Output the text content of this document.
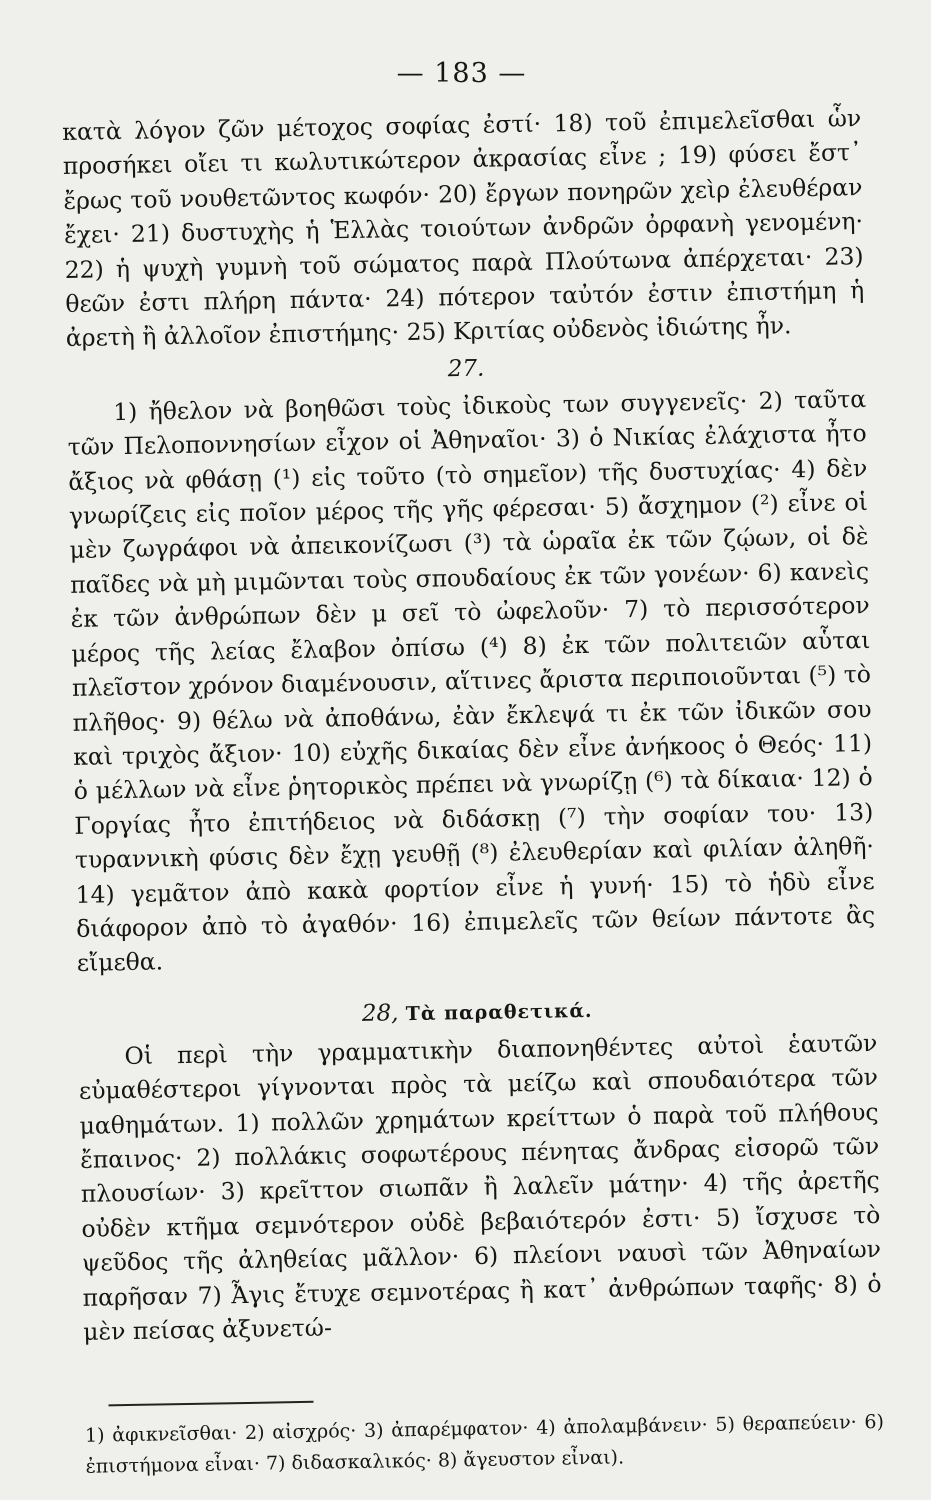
— 183 —

κατὰ λόγον ζῶν μέτοχος σοφίας ἐστί· 18) τοῦ ἐπιμελεῖσθαι ὧν προσήκει οἴει τι κωλυτικώτερον ἀκρασίας εἶνε ; 19) φύσει ἔστ᾽ ἔρως τοῦ νουθετῶντος κωφόν· 20) ἔργων πονηρῶν χεὶρ ἐλευθέραν ἔχει· 21) δυστυχὴς ἡ Ἑλλὰς τοιούτων ἀνδρῶν ὀρφανὴ γενομένη· 22) ἡ ψυχὴ γυμνὴ τοῦ σώματος παρὰ Πλούτωνα ἀπέρχεται· 23) θεῶν ἐστι πλήρη πάντα· 24) πότερον ταὐτόν ἐστιν ἐπιστήμη ἡ ἀρετὴ ἢ ἀλλοῖον ἐπιστήμης· 25) Κριτίας οὐδενὸς ἰδιώτης ἦν.

27.

1) ἤθελον νὰ βοηθῶσι τοὺς ἰδικοὺς των συγγενεῖς· 2) ταῦτα τῶν Πελοποννησίων εἶχον οἱ Ἀθηναῖοι· 3) ὁ Νικίας ἐλάχιστα ἦτο ἄξιος νὰ φθάσῃ (¹) εἰς τοῦτο (τὸ σημεῖον) τῆς δυστυχίας· 4) δὲν γνωρίζεις εἰς ποῖον μέρος τῆς γῆς φέρεσαι· 5) ἄσχημον (²) εἶνε οἱ μὲν ζωγράφοι νὰ ἀπεικονίζωσι (³) τὰ ὡραῖα ἐκ τῶν ζῴων, οἱ δὲ παῖδες νὰ μὴ μιμῶνται τοὺς σπουδαίους ἐκ τῶν γονέων· 6) κανεὶς ἐκ τῶν ἀνθρώπων δὲν μ σεῖ τὸ ὠφελοῦν· 7) τὸ περισσότερον μέρος τῆς λείας ἔλαβον ὀπίσω (⁴) 8) ἐκ τῶν πολιτειῶν αὗται πλεῖστον χρόνον διαμένουσιν, αἵτινες ἄριστα περιποιοῦνται (⁵) τὸ πλῆθος· 9) θέλω νὰ ἀποθάνω, ἐὰν ἔκλεψά τι ἐκ τῶν ἰδικῶν σου καὶ τριχὸς ἄξιον· 10) εὐχῆς δικαίας δὲν εἶνε ἀνήκοος ὁ Θεός· 11) ὁ μέλλων νὰ εἶνε ῥητορικὸς πρέπει νὰ γνωρίζῃ (⁶) τὰ δίκαια· 12) ὁ Γοργίας ἦτο ἐπιτήδειος νὰ διδάσκῃ (⁷) τὴν σοφίαν του· 13) τυραννικὴ φύσις δὲν ἔχῃ γευθῇ (⁸) ἐλευθερίαν καὶ φιλίαν ἀληθῆ· 14) γεμᾶτον ἀπὸ κακὰ φορτίον εἶνε ἡ γυνή· 15) τὸ ἡδὺ εἶνε διάφορον ἀπὸ τὸ ἀγαθόν· 16) ἐπιμελεῖς τῶν θείων πάντοτε ἂς εἴμεθα.

28, Τὰ παραθετικά.

Οἱ περὶ τὴν γραμματικὴν διαπονηθέντες αὐτοὶ ἑαυτῶν εὐμαθέστεροι γίγνονται πρὸς τὰ μείζω καὶ σπουδαιότερα τῶν μαθημάτων. 1) πολλῶν χρημάτων κρείττων ὁ παρὰ τοῦ πλήθους ἔπαινος· 2) πολλάκις σοφωτέρους πένητας ἄνδρας εἰσορῶ τῶν πλουσίων· 3) κρεῖττον σιωπᾶν ἢ λαλεῖν μάτην· 4) τῆς ἀρετῆς οὐδὲν κτῆμα σεμνότερον οὐδὲ βεβαιότερόν ἐστι· 5) ἴσχυσε τὸ ψεῦδος τῆς ἀληθείας μᾶλλον· 6) πλείονι ναυσὶ τῶν Ἀθηναίων παρῆσαν 7) Ἆγις ἔτυχε σεμνοτέρας ἢ κατ᾽ ἀνθρώπων ταφῆς· 8) ὁ μὲν πείσας ἀξυνετώ-

1) ἀφικνεῖσθαι· 2) αἰσχρός· 3) ἀπαρέμφατον· 4) ἀπολαμβάνειν· 5) θεραπεύειν· 6) ἐπιστήμονα εἶναι· 7) διδασκαλικός· 8) ἄγευστον εἶναι).
